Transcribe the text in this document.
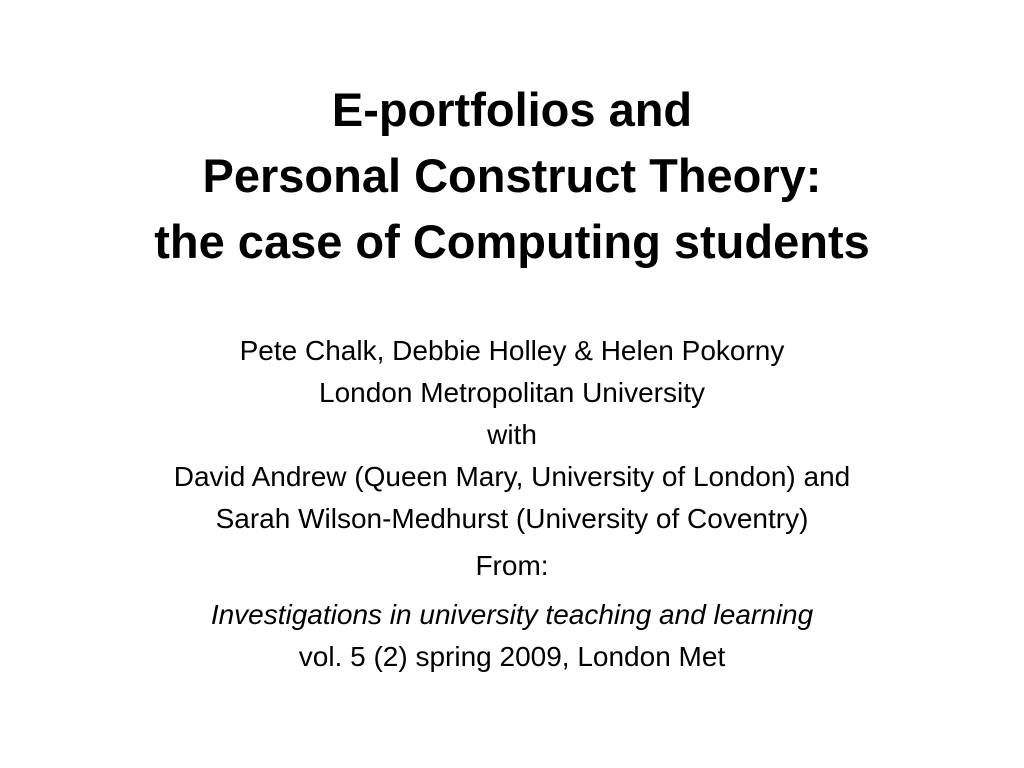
E-portfolios and
Personal Construct Theory:
the case of Computing students
Pete Chalk, Debbie Holley & Helen Pokorny
London Metropolitan University
with
David Andrew (Queen Mary, University of London) and
Sarah Wilson-Medhurst (University of Coventry)
From:
Investigations in university teaching and learning
vol. 5 (2) spring 2009, London Met
